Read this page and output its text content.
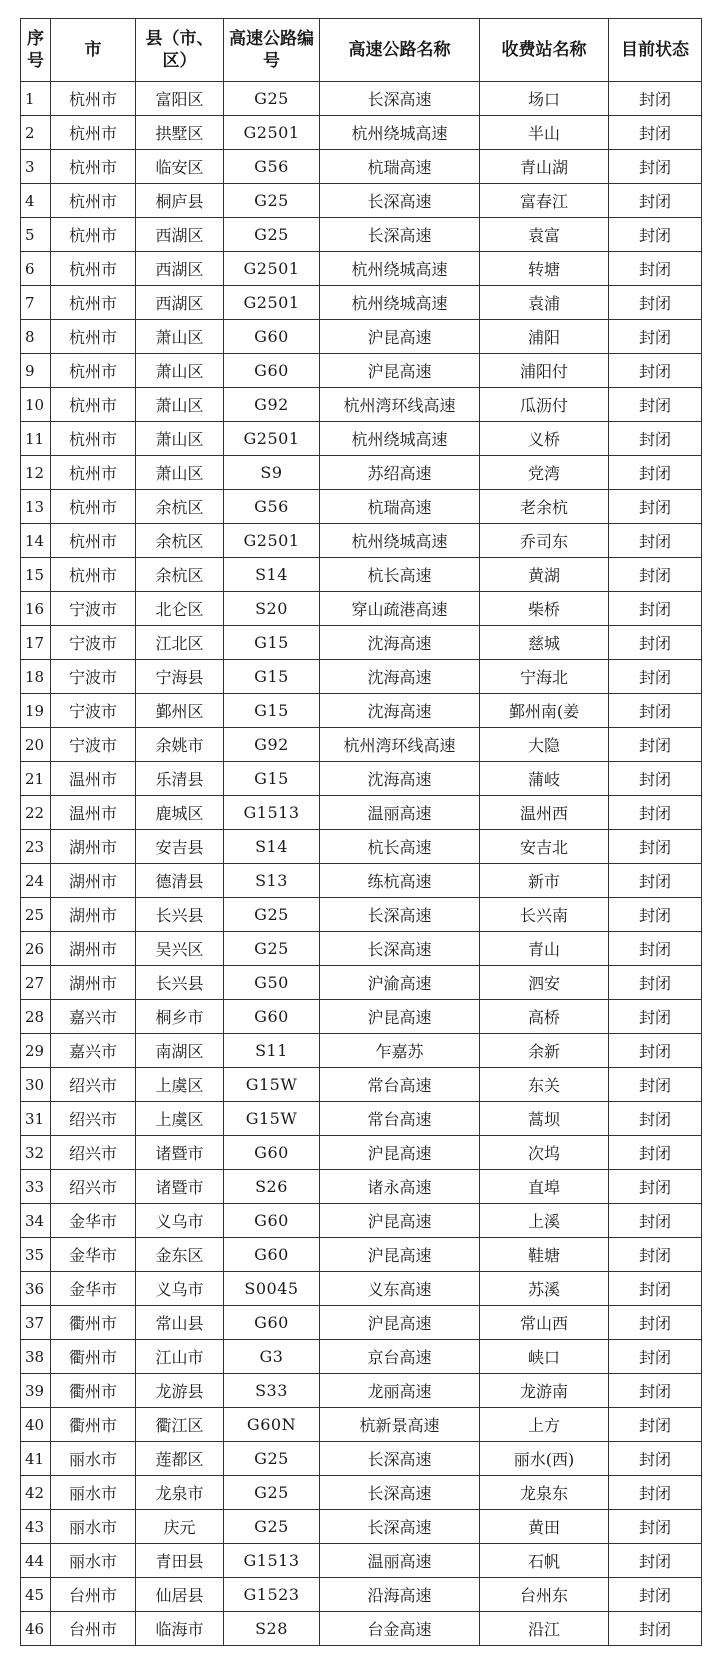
序号	市	县（市、区）	高速公路编号	高速公路名称	收费站名称	目前状态
1	杭州市	富阳区	G25	长深高速	场口	封闭
2	杭州市	拱墅区	G2501	杭州绕城高速	半山	封闭
3	杭州市	临安区	G56	杭瑞高速	青山湖	封闭
4	杭州市	桐庐县	G25	长深高速	富春江	封闭
5	杭州市	西湖区	G25	长深高速	袁富	封闭
6	杭州市	西湖区	G2501	杭州绕城高速	转塘	封闭
7	杭州市	西湖区	G2501	杭州绕城高速	袁浦	封闭
8	杭州市	萧山区	G60	沪昆高速	浦阳	封闭
9	杭州市	萧山区	G60	沪昆高速	浦阳付	封闭
10	杭州市	萧山区	G92	杭州湾环线高速	瓜沥付	封闭
11	杭州市	萧山区	G2501	杭州绕城高速	义桥	封闭
12	杭州市	萧山区	S9	苏绍高速	党湾	封闭
13	杭州市	余杭区	G56	杭瑞高速	老余杭	封闭
14	杭州市	余杭区	G2501	杭州绕城高速	乔司东	封闭
15	杭州市	余杭区	S14	杭长高速	黄湖	封闭
16	宁波市	北仑区	S20	穿山疏港高速	柴桥	封闭
17	宁波市	江北区	G15	沈海高速	慈城	封闭
18	宁波市	宁海县	G15	沈海高速	宁海北	封闭
19	宁波市	鄞州区	G15	沈海高速	鄞州南(姜	封闭
20	宁波市	余姚市	G92	杭州湾环线高速	大隐	封闭
21	温州市	乐清县	G15	沈海高速	蒲岐	封闭
22	温州市	鹿城区	G1513	温丽高速	温州西	封闭
23	湖州市	安吉县	S14	杭长高速	安吉北	封闭
24	湖州市	德清县	S13	练杭高速	新市	封闭
25	湖州市	长兴县	G25	长深高速	长兴南	封闭
26	湖州市	吴兴区	G25	长深高速	青山	封闭
27	湖州市	长兴县	G50	沪渝高速	泗安	封闭
28	嘉兴市	桐乡市	G60	沪昆高速	高桥	封闭
29	嘉兴市	南湖区	S11	乍嘉苏	余新	封闭
30	绍兴市	上虞区	G15W	常台高速	东关	封闭
31	绍兴市	上虞区	G15W	常台高速	蒿坝	封闭
32	绍兴市	诸暨市	G60	沪昆高速	次坞	封闭
33	绍兴市	诸暨市	S26	诸永高速	直埠	封闭
34	金华市	义乌市	G60	沪昆高速	上溪	封闭
35	金华市	金东区	G60	沪昆高速	鞋塘	封闭
36	金华市	义乌市	S0045	义东高速	苏溪	封闭
37	衢州市	常山县	G60	沪昆高速	常山西	封闭
38	衢州市	江山市	G3	京台高速	峡口	封闭
39	衢州市	龙游县	S33	龙丽高速	龙游南	封闭
40	衢州市	衢江区	G60N	杭新景高速	上方	封闭
41	丽水市	莲都区	G25	长深高速	丽水(西)	封闭
42	丽水市	龙泉市	G25	长深高速	龙泉东	封闭
43	丽水市	庆元	G25	长深高速	黄田	封闭
44	丽水市	青田县	G1513	温丽高速	石帆	封闭
45	台州市	仙居县	G1523	沿海高速	台州东	封闭
46	台州市	临海市	S28	台金高速	沿江	封闭
